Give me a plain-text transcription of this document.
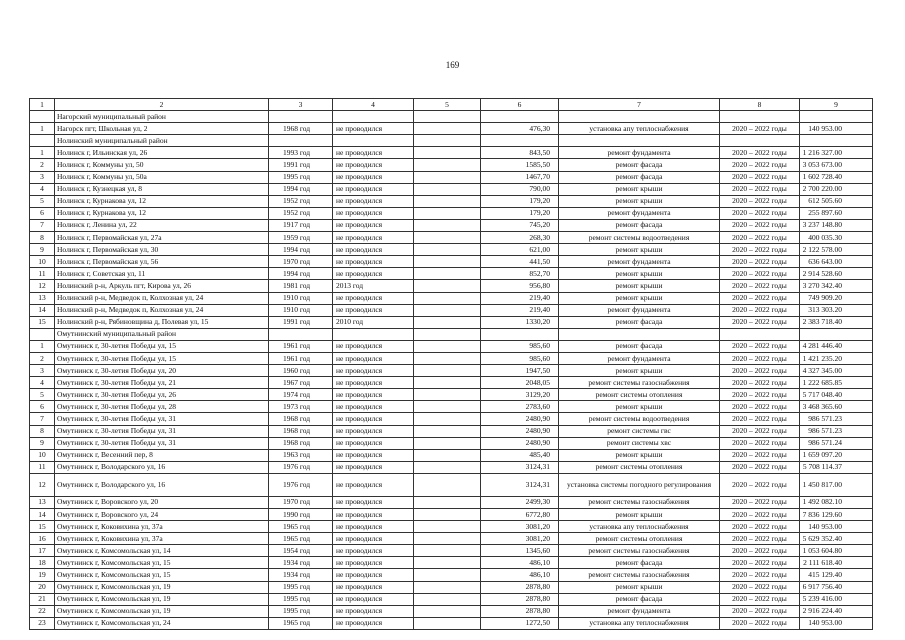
169
1	2	3	4	5	6	7	8	9
	Нагорский муниципальный район							
1	Нагорск пгт, Школьная ул, 2	1968 год	не проводился		476,30	установка апу теплоснабжения	2020 – 2022 годы	140 953.00
	Нолинский муниципальный район							
1	Нолинск г, Ильинская ул, 26	1993 год	не проводился		843,50	ремонт фундамента	2020 – 2022 годы	1 216 327.00
2	Нолинск г, Коммуны ул, 50	1991 год	не проводился		1585,50	ремонт фасада	2020 – 2022 годы	3 053 673.00
3	Нолинск г, Коммуны ул, 50а	1995 год	не проводился		1467,70	ремонт фасада	2020 – 2022 годы	1 602 728.40
4	Нолинск г, Кузнецкая ул, 8	1994 год	не проводился		790,00	ремонт крыши	2020 – 2022 годы	2 700 220.00
5	Нолинск г, Курнакова ул, 12	1952 год	не проводился		179,20	ремонт крыши	2020 – 2022 годы	612 505.60
6	Нолинск г, Курнакова ул, 12	1952 год	не проводился		179,20	ремонт фундамента	2020 – 2022 годы	255 897.60
7	Нолинск г, Ленина ул, 22	1917 год	не проводился		745,20	ремонт фасада	2020 – 2022 годы	3 237 148.80
8	Нолинск г, Первомайская ул, 27а	1959 год	не проводился		268,30	ремонт системы водоотведения	2020 – 2022 годы	400 035.30
9	Нолинск г, Первомайская ул, 30	1994 год	не проводился		621,00	ремонт крыши	2020 – 2022 годы	2 122 578.00
10	Нолинск г, Первомайская ул, 56	1970 год	не проводился		441,50	ремонт фундамента	2020 – 2022 годы	636 643.00
11	Нолинск г, Советская ул, 11	1994 год	не проводился		852,70	ремонт крыши	2020 – 2022 годы	2 914 528.60
12	Нолинский р-н, Аркуль пгт, Кирова ул, 26	1981 год	2013 год		956,80	ремонт крыши	2020 – 2022 годы	3 270 342.40
13	Нолинский р-н, Медведок п, Колхозная ул, 24	1910 год	не проводился		219,40	ремонт крыши	2020 – 2022 годы	749 909.20
14	Нолинский р-н, Медведок п, Колхозная ул, 24	1910 год	не проводился		219,40	ремонт фундамента	2020 – 2022 годы	313 303.20
15	Нолинский р-н, Рябиновщина д, Полевая ул, 15	1991 год	2010 год		1330,20	ремонт фасада	2020 – 2022 годы	2 383 718.40
	Омутнинский муниципальный район							
1	Омутнинск г, 30-летия Победы ул, 15	1961 год	не проводился		985,60	ремонт фасада	2020 – 2022 годы	4 281 446.40
2	Омутнинск г, 30-летия Победы ул, 15	1961 год	не проводился		985,60	ремонт фундамента	2020 – 2022 годы	1 421 235.20
3	Омутнинск г, 30-летия Победы ул, 20	1960 год	не проводился		1947,50	ремонт крыши	2020 – 2022 годы	4 327 345.00
4	Омутнинск г, 30-летия Победы ул, 21	1967 год	не проводился		2048,05	ремонт системы газоснабжения	2020 – 2022 годы	1 222 685.85
5	Омутнинск г, 30-летия Победы ул, 26	1974 год	не проводился		3129,20	ремонт системы отопления	2020 – 2022 годы	5 717 048.40
6	Омутнинск г, 30-летия Победы ул, 28	1973 год	не проводился		2783,60	ремонт крыши	2020 – 2022 годы	3 468 365.60
7	Омутнинск г, 30-летия Победы ул, 31	1968 год	не проводился		2480,90	ремонт системы водоотведения	2020 – 2022 годы	986 571.23
8	Омутнинск г, 30-летия Победы ул, 31	1968 год	не проводился		2480,90	ремонт системы гвс	2020 – 2022 годы	986 571.23
9	Омутнинск г, 30-летия Победы ул, 31	1968 год	не проводился		2480,90	ремонт системы хвс	2020 – 2022 годы	986 571.24
10	Омутнинск г, Весенний пер, 8	1963 год	не проводился		485,40	ремонт крыши	2020 – 2022 годы	1 659 097.20
11	Омутнинск г, Володарского ул, 16	1976 год	не проводился		3124,31	ремонт системы отопления	2020 – 2022 годы	5 708 114.37
12	Омутнинск г, Володарского ул, 16	1976 год	не проводился		3124,31	установка системы погодного регулирования	2020 – 2022 годы	1 450 817.00
13	Омутнинск г, Воровского ул, 20	1970 год	не проводился		2499,30	ремонт системы газоснабжения	2020 – 2022 годы	1 492 082.10
14	Омутнинск г, Воровского ул, 24	1990 год	не проводился		6772,80	ремонт крыши	2020 – 2022 годы	7 836 129.60
15	Омутнинск г, Коковихина ул, 37а	1965 год	не проводился		3081,20	установка апу теплоснабжения	2020 – 2022 годы	140 953.00
16	Омутнинск г, Коковихина ул, 37а	1965 год	не проводился		3081,20	ремонт системы отопления	2020 – 2022 годы	5 629 352.40
17	Омутнинск г, Комсомольская ул, 14	1954 год	не проводился		1345,60	ремонт системы газоснабжения	2020 – 2022 годы	1 053 604.80
18	Омутнинск г, Комсомольская ул, 15	1934 год	не проводился		486,10	ремонт фасада	2020 – 2022 годы	2 111 618.40
19	Омутнинск г, Комсомольская ул, 15	1934 год	не проводился		486,10	ремонт системы газоснабжения	2020 – 2022 годы	415 129.40
20	Омутнинск г, Комсомольская ул, 19	1995 год	не проводился		2878,80	ремонт крыши	2020 – 2022 годы	6 917 756.40
21	Омутнинск г, Комсомольская ул, 19	1995 год	не проводился		2878,80	ремонт фасада	2020 – 2022 годы	5 239 416.00
22	Омутнинск г, Комсомольская ул, 19	1995 год	не проводился		2878,80	ремонт фундамента	2020 – 2022 годы	2 916 224.40
23	Омутнинск г, Комсомольская ул, 24	1965 год	не проводился		1272,50	установка апу теплоснабжения	2020 – 2022 годы	140 953.00
